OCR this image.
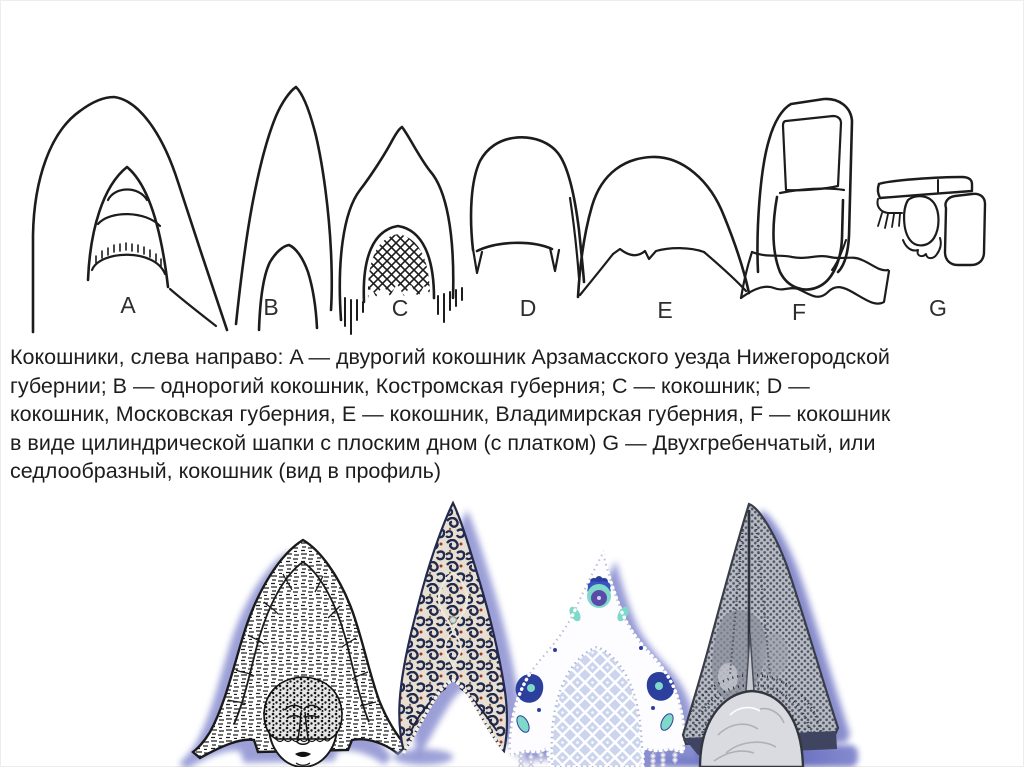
A	B	C	D	E	F	G
Кокошники, слева направо: A — двурогий кокошник Арзамасского уезда Нижегородской
губернии; B — однорогий кокошник, Костромская губерния; C — кокошник; D —
кокошник, Московская губерния, E — кокошник, Владимирская губерния, F — кокошник
в виде цилиндрической шапки с плоским дном (с платком) G — Двухгребенчатый, или
седлообразный, кокошник (вид в профиль)
